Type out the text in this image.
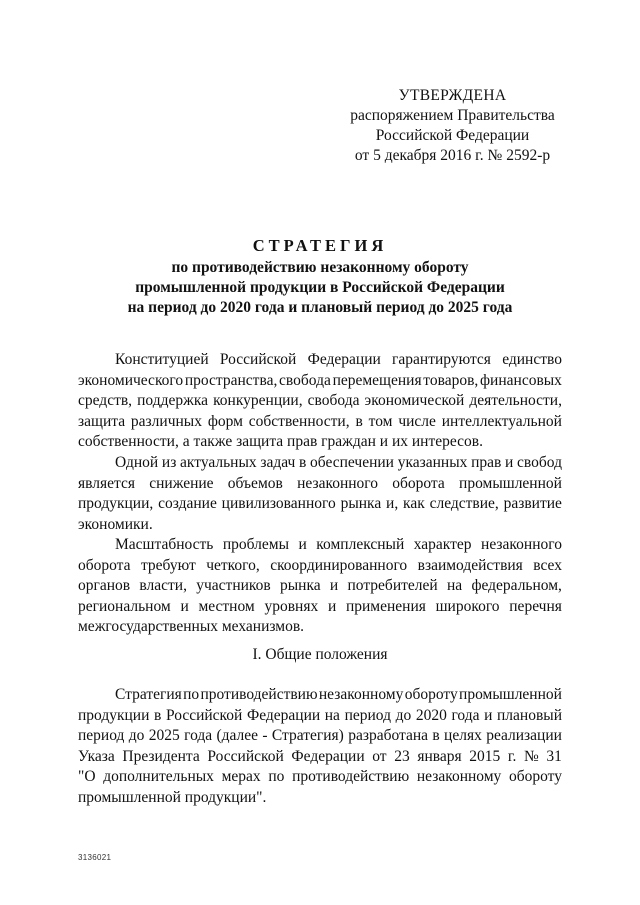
УТВЕРЖДЕНА
распоряжением Правительства
Российской Федерации
от 5 декабря 2016 г. № 2592-р
СТРАТЕГИЯ
по противодействию незаконному обороту
промышленной продукции в Российской Федерации
на период до 2020 года и плановый период до 2025 года
Конституцией Российской Федерации гарантируются единство
экономического пространства, свобода перемещения товаров, финансовых
средств, поддержка конкуренции, свобода экономической деятельности,
защита различных форм собственности, в том числе интеллектуальной
собственности, а также защита прав граждан и их интересов.
Одной из актуальных задач в обеспечении указанных прав и свобод
является снижение объемов незаконного оборота промышленной
продукции, создание цивилизованного рынка и, как следствие, развитие
экономики.
Масштабность проблемы и комплексный характер незаконного
оборота требуют четкого, скоординированного взаимодействия всех
органов власти, участников рынка и потребителей на федеральном,
региональном и местном уровнях и применения широкого перечня
межгосударственных механизмов.
I. Общие положения
Стратегия по противодействию незаконному обороту промышленной
продукции в Российской Федерации на период до 2020 года и плановый
период до 2025 года (далее - Стратегия) разработана в целях реализации
Указа Президента Российской Федерации от 23 января 2015 г. № 31
"О дополнительных мерах по противодействию незаконному обороту
промышленной продукции".
3136021
